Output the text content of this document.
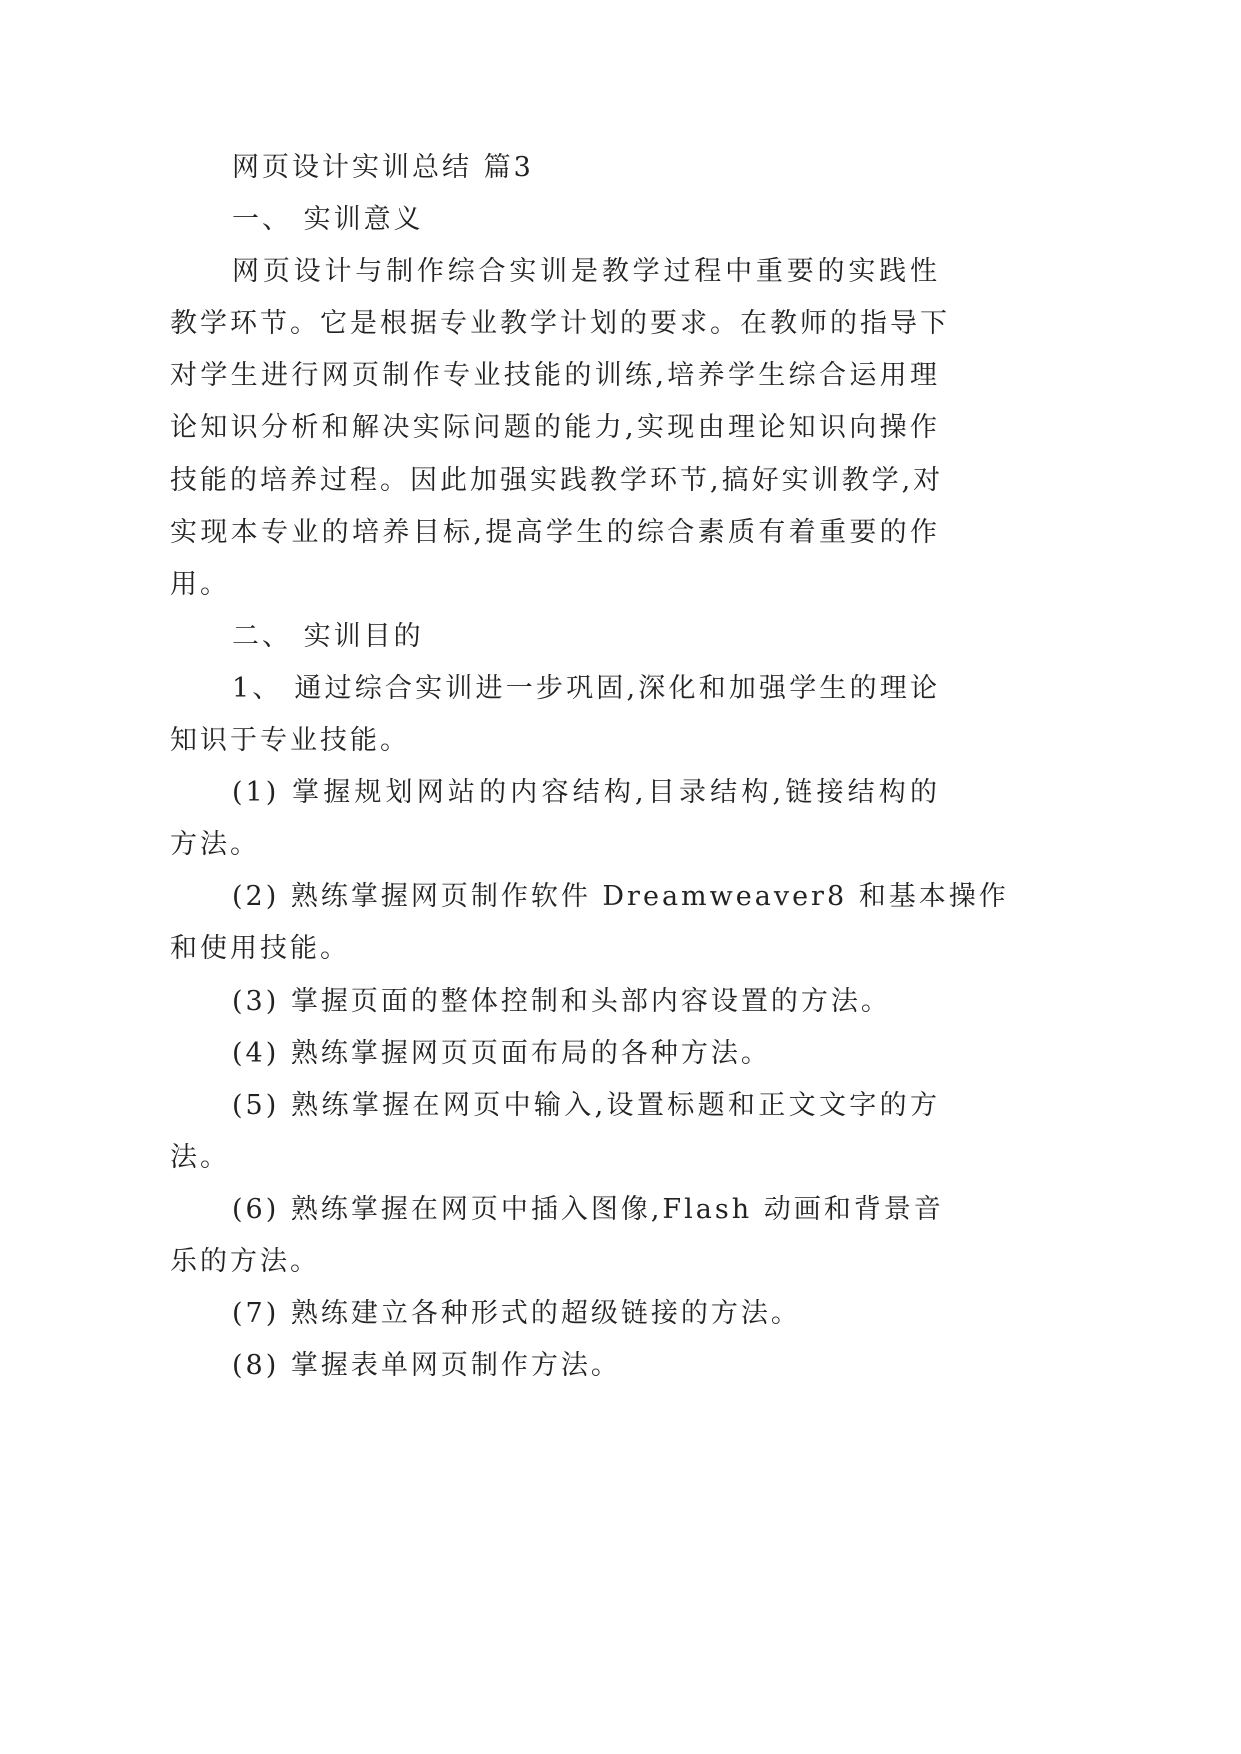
网页设计实训总结 篇3
一、 实训意义
网页设计与制作综合实训是教学过程中重要的实践性
教学环节。它是根据专业教学计划的要求。在教师的指导下
对学生进行网页制作专业技能的训练,培养学生综合运用理
论知识分析和解决实际问题的能力,实现由理论知识向操作
技能的培养过程。因此加强实践教学环节,搞好实训教学,对
实现本专业的培养目标,提高学生的综合素质有着重要的作
用。
二、 实训目的
1、 通过综合实训进一步巩固,深化和加强学生的理论
知识于专业技能。
(1) 掌握规划网站的内容结构,目录结构,链接结构的
方法。
(2) 熟练掌握网页制作软件 Dreamweaver8 和基本操作
和使用技能。
(3) 掌握页面的整体控制和头部内容设置的方法。
(4) 熟练掌握网页页面布局的各种方法。
(5) 熟练掌握在网页中输入,设置标题和正文文字的方
法。
(6) 熟练掌握在网页中插入图像,Flash 动画和背景音
乐的方法。
(7) 熟练建立各种形式的超级链接的方法。
(8) 掌握表单网页制作方法。
